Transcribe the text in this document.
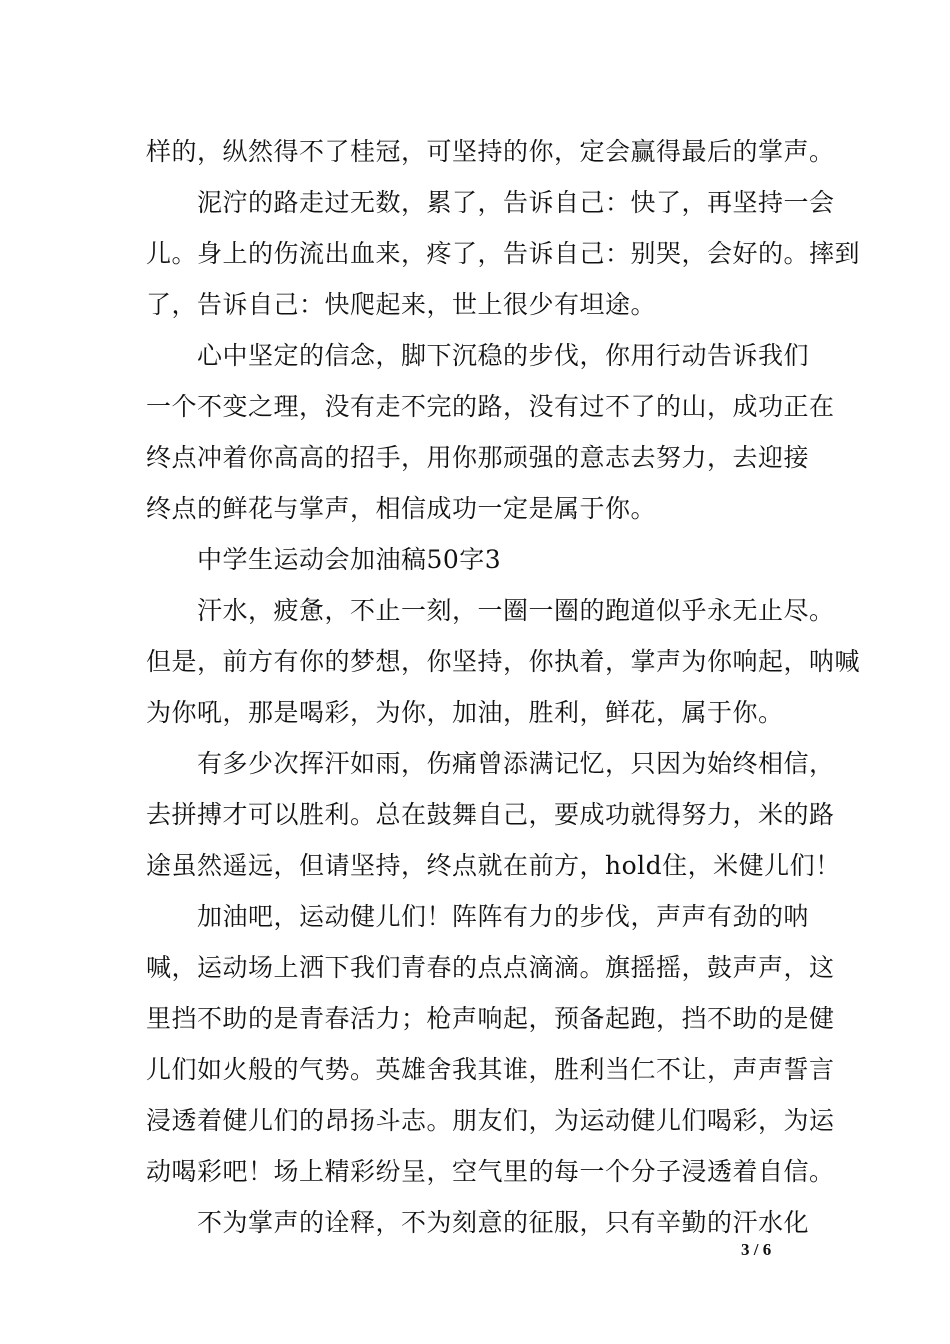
样的，纵然得不了桂冠，可坚持的你，定会赢得最后的掌声。
泥泞的路走过无数，累了，告诉自己：快了，再坚持一会
儿。身上的伤流出血来，疼了，告诉自己：别哭，会好的。摔到
了，告诉自己：快爬起来，世上很少有坦途。
心中坚定的信念，脚下沉稳的步伐，你用行动告诉我们
一个不变之理，没有走不完的路，没有过不了的山，成功正在
终点冲着你高高的招手，用你那顽强的意志去努力，去迎接
终点的鲜花与掌声，相信成功一定是属于你。
中学生运动会加油稿50字3
汗水，疲惫，不止一刻，一圈一圈的跑道似乎永无止尽。
但是，前方有你的梦想，你坚持，你执着，掌声为你响起，呐喊
为你吼，那是喝彩，为你，加油，胜利，鲜花，属于你。
有多少次挥汗如雨，伤痛曾添满记忆，只因为始终相信，
去拼搏才可以胜利。总在鼓舞自己，要成功就得努力，米的路
途虽然遥远，但请坚持，终点就在前方，hold住，米健儿们！
加油吧，运动健儿们！阵阵有力的步伐，声声有劲的呐
喊，运动场上洒下我们青春的点点滴滴。旗摇摇，鼓声声，这
里挡不助的是青春活力；枪声响起，预备起跑，挡不助的是健
儿们如火般的气势。英雄舍我其谁，胜利当仁不让，声声誓言
浸透着健儿们的昂扬斗志。朋友们，为运动健儿们喝彩，为运
动喝彩吧！场上精彩纷呈，空气里的每一个分子浸透着自信。
不为掌声的诠释，不为刻意的征服，只有辛勤的汗水化
3 / 6
